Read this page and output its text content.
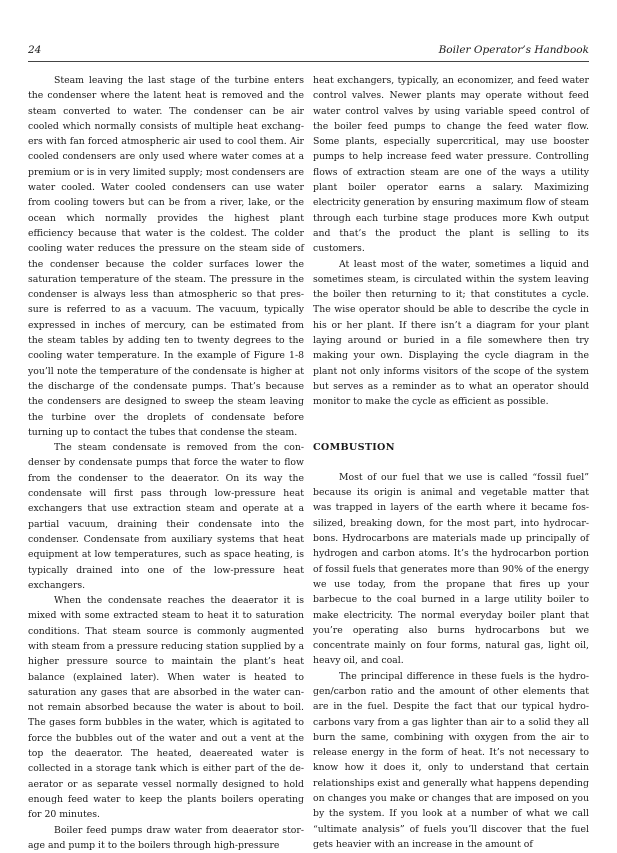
24	Boiler Operator’s Handbook

Steam leaving the last stage of the turbine enters the condenser where the latent heat is removed and the steam converted to water. The condenser can be air cooled which normally consists of multiple heat exchangers with fan forced atmospheric air used to cool them. Air cooled condensers are only used where water comes at a premium or is in very limited supply; most condensers are water cooled. Water cooled condensers can use water from cooling towers but can be from a river, lake, or the ocean which normally provides the highest plant efficiency because that water is the coldest. The colder cooling water reduces the pressure on the steam side of the condenser because the colder surfaces lower the saturation temperature of the steam. The pressure in the condenser is always less than atmospheric so that pressure is referred to as a vacuum. The vacuum, typically expressed in inches of mercury, can be estimated from the steam tables by adding ten to twenty degrees to the cooling water temperature. In the example of Figure 1-8 you’ll note the temperature of the condensate is higher at the discharge of the condensate pumps. That’s because the condensers are designed to sweep the steam leaving the turbine over the droplets of condensate before turning up to contact the tubes that condense the steam.

The steam condensate is removed from the condenser by condensate pumps that force the water to flow from the condenser to the deaerator. On its way the condensate will first pass through low-pressure heat exchangers that use extraction steam and operate at a partial vacuum, draining their condensate into the condenser. Condensate from auxiliary systems that heat equipment at low temperatures, such as space heating, is typically drained into one of the low-pressure heat exchangers.

When the condensate reaches the deaerator it is mixed with some extracted steam to heat it to saturation conditions. That steam source is commonly augmented with steam from a pressure reducing station supplied by a higher pressure source to maintain the plant’s heat balance (explained later). When water is heated to saturation any gases that are absorbed in the water cannot remain absorbed because the water is about to boil. The gases form bubbles in the water, which is agitated to force the bubbles out of the water and out a vent at the top the deaerator. The heated, deaereated water is collected in a storage tank which is either part of the deaerator or as separate vessel normally designed to hold enough feed water to keep the plants boilers operating for 20 minutes.

Boiler feed pumps draw water from deaerator storage and pump it to the boilers through high-pressure

heat exchangers, typically, an economizer, and feed water control valves. Newer plants may operate without feed water control valves by using variable speed control of the boiler feed pumps to change the feed water flow. Some plants, especially supercritical, may use booster pumps to help increase feed water pressure. Controlling flows of extraction steam are one of the ways a utility plant boiler operator earns a salary. Maximizing electricity generation by ensuring maximum flow of steam through each turbine stage produces more Kwh output and that’s the product the plant is selling to its customers.

At least most of the water, sometimes a liquid and sometimes steam, is circulated within the system leaving the boiler then returning to it; that constitutes a cycle. The wise operator should be able to describe the cycle in his or her plant. If there isn’t a diagram for your plant laying around or buried in a file somewhere then try making your own. Displaying the cycle diagram in the plant not only informs visitors of the scope of the system but serves as a reminder as to what an operator should monitor to make the cycle as efficient as possible.

COMBUSTION

Most of our fuel that we use is called “fossil fuel” because its origin is animal and vegetable matter that was trapped in layers of the earth where it became fossilized, breaking down, for the most part, into hydrocarbons. Hydrocarbons are materials made up principally of hydrogen and carbon atoms. It’s the hydrocarbon portion of fossil fuels that generates more than 90% of the energy we use today, from the propane that fires up your barbecue to the coal burned in a large utility boiler to make electricity. The normal everyday boiler plant that you’re operating also burns hydrocarbons but we concentrate mainly on four forms, natural gas, light oil, heavy oil, and coal.

The principal difference in these fuels is the hydrogen/carbon ratio and the amount of other elements that are in the fuel. Despite the fact that our typical hydrocarbons vary from a gas lighter than air to a solid they all burn the same, combining with oxygen from the air to release energy in the form of heat. It’s not necessary to know how it does it, only to understand that certain relationships exist and generally what happens depending on changes you make or changes that are imposed on you by the system. If you look at a number of what we call “ultimate analysis” of fuels you’ll discover that the fuel gets heavier with an increase in the amount of
